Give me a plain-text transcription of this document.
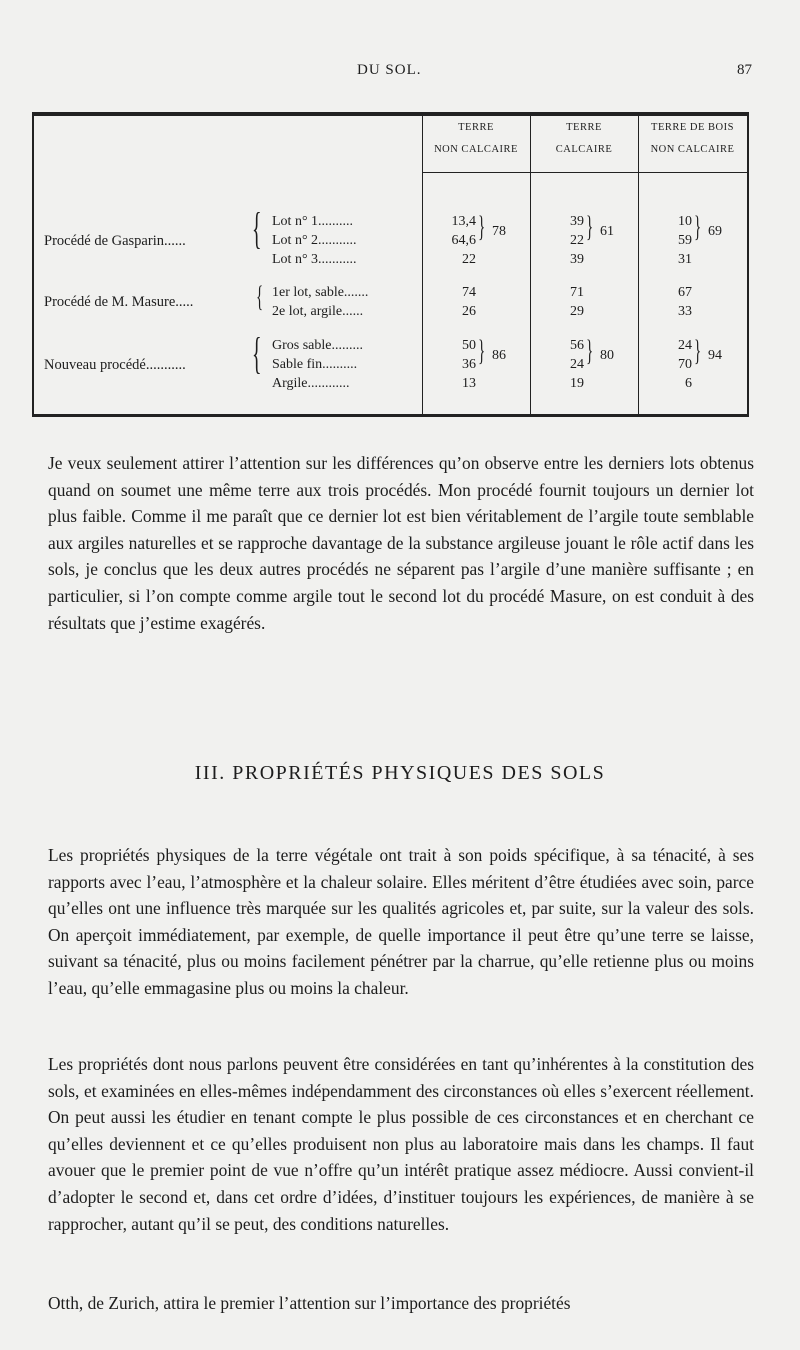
DU SOL.	87
TERRE
NON CALCAIRE
TERRE
CALCAIRE
TERRE DE BOIS
NON CALCAIRE
Procédé de Gasparin...... { Lot n° 1..........
Lot n° 2...........
Lot n° 3...........
13,4
64,6
22
} 78
39
22
39
} 61
10
59
31
} 69
Procédé de M. Masure..... { 1er lot, sable.......
2e lot, argile......
74
26
71
29
67
33
Nouveau procédé........... { Gros sable.........
Sable fin..........
Argile............
50
36
13
} 86
56
24
19
} 80
24
70
6
} 94

Je veux seulement attirer l’attention sur les différences qu’on observe entre les derniers lots obtenus quand on soumet une même terre aux trois procédés. Mon procédé fournit toujours un dernier lot plus faible. Comme il me paraît que ce dernier lot est bien véritablement de l’argile toute semblable aux argiles naturelles et se rapproche davantage de la substance argileuse jouant le rôle actif dans les sols, je conclus que les deux autres procédés ne séparent pas l’argile d’une manière suffisante ; en particulier, si l’on compte comme argile tout le second lot du procédé Masure, on est conduit à des résultats que j’estime exagérés.

III. PROPRIÉTÉS PHYSIQUES DES SOLS

Les propriétés physiques de la terre végétale ont trait à son poids spécifique, à sa ténacité, à ses rapports avec l’eau, l’atmosphère et la chaleur solaire. Elles méritent d’être étudiées avec soin, parce qu’elles ont une influence très marquée sur les qualités agricoles et, par suite, sur la valeur des sols. On aperçoit immédiatement, par exemple, de quelle importance il peut être qu’une terre se laisse, suivant sa ténacité, plus ou moins facilement pénétrer par la charrue, qu’elle retienne plus ou moins l’eau, qu’elle emmagasine plus ou moins la chaleur.

Les propriétés dont nous parlons peuvent être considérées en tant qu’inhérentes à la constitution des sols, et examinées en elles-mêmes indépendamment des circonstances où elles s’exercent réellement. On peut aussi les étudier en tenant compte le plus possible de ces circonstances et en cherchant ce qu’elles deviennent et ce qu’elles produisent non plus au laboratoire mais dans les champs. Il faut avouer que le premier point de vue n’offre qu’un intérêt pratique assez médiocre. Aussi convient-il d’adopter le second et, dans cet ordre d’idées, d’instituer toujours les expériences, de manière à se rapprocher, autant qu’il se peut, des conditions naturelles.

Otth, de Zurich, attira le premier l’attention sur l’importance des propriétés
